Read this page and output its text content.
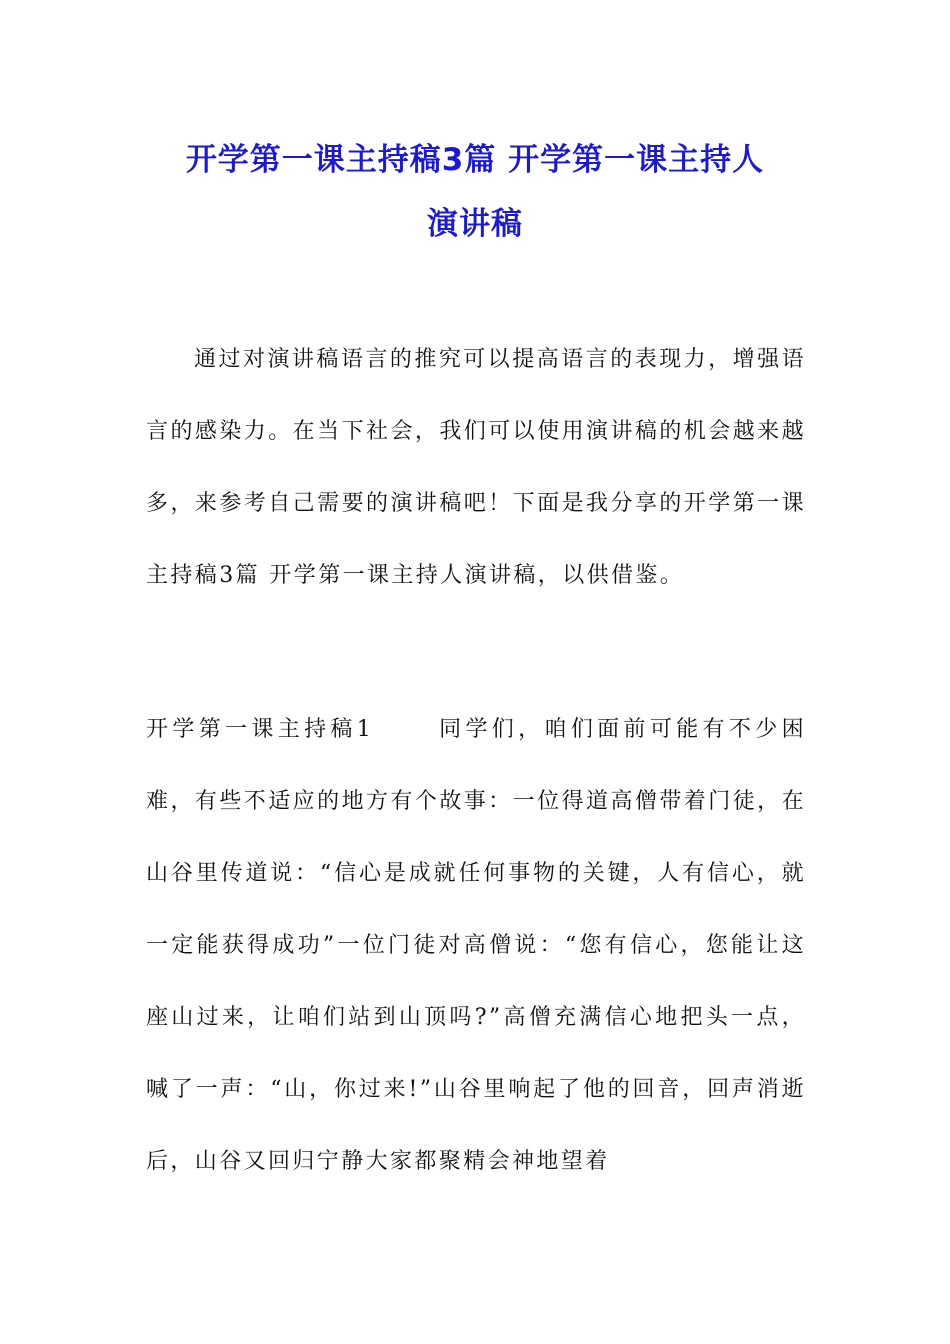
开学第一课主持稿3篇 开学第一课主持人
演讲稿

通过对演讲稿语言的推究可以提高语言的表现力，增强语言的感染力。在当下社会，我们可以使用演讲稿的机会越来越多，来参考自己需要的演讲稿吧！下面是我分享的开学第一课主持稿3篇 开学第一课主持人演讲稿，以供借鉴。

开学第一课主持稿1	同学们，咱们面前可能有不少困难，有些不适应的地方有个故事：一位得道高僧带着门徒，在山谷里传道说：“信心是成就任何事物的关键，人有信心，就一定能获得成功”一位门徒对高僧说：“您有信心，您能让这座山过来，让咱们站到山顶吗?”高僧充满信心地把头一点，喊了一声：“山，你过来!”山谷里响起了他的回音，回声消逝后，山谷又回归宁静大家都聚精会神地望着
